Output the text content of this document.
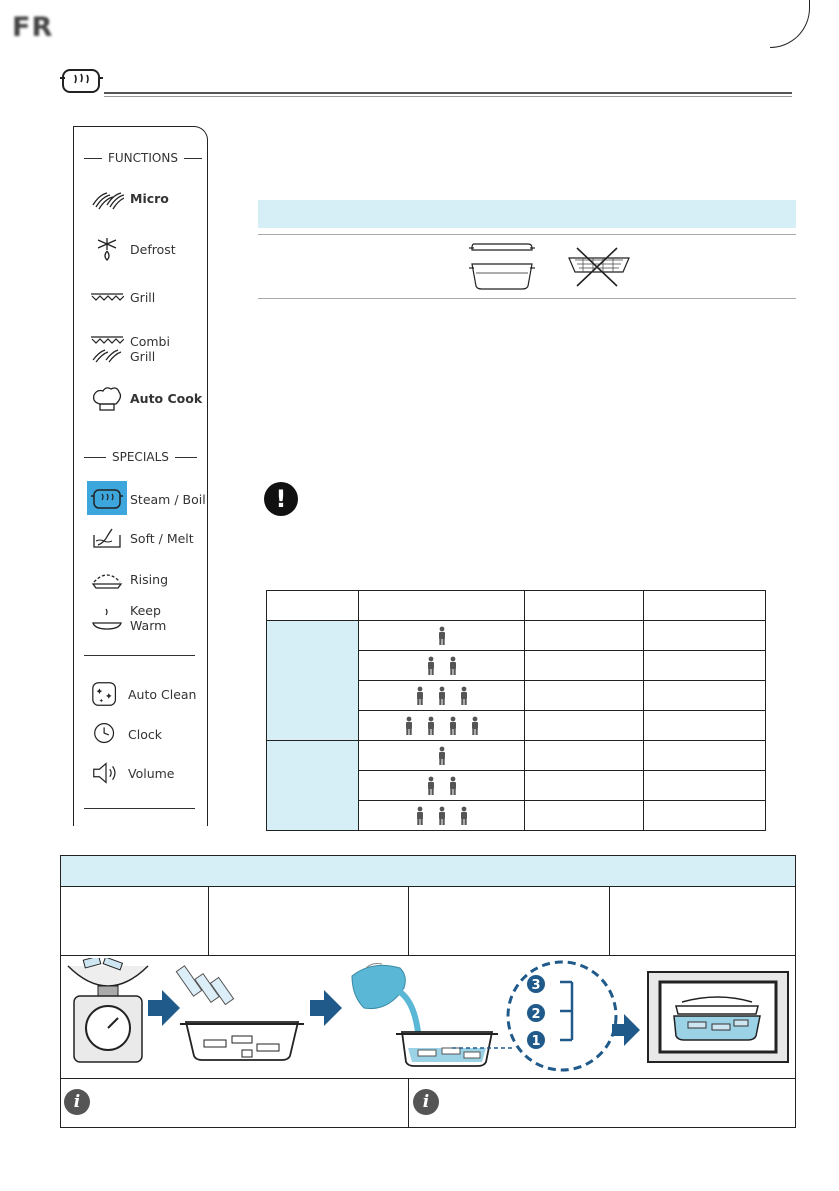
FR
FUNCTIONS
Micro
Defrost
Grill
Combi
Grill
Auto Cook
SPECIALS
Steam / Boil
Soft / Melt
Rising
Keep
Warm
Auto Clean
Clock
Volume
!

3
2
1
i	i
